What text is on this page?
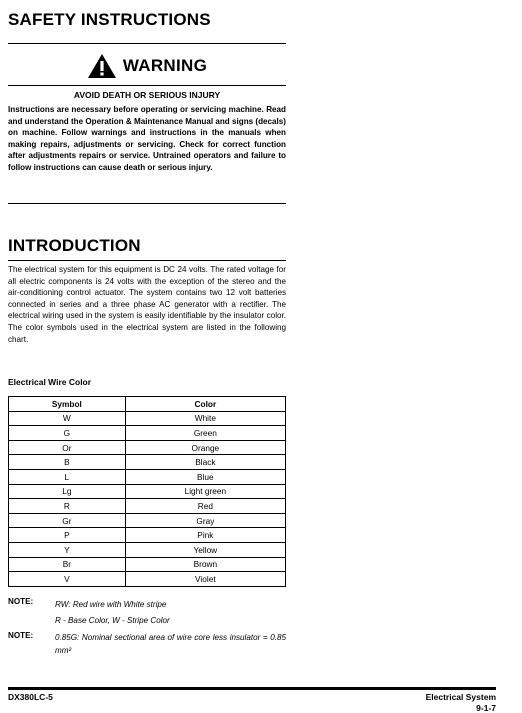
SAFETY INSTRUCTIONS
WARNING
AVOID DEATH OR SERIOUS INJURY
Instructions are necessary before operating or servicing machine. Read and understand the Operation & Maintenance Manual and signs (decals) on machine. Follow warnings and instructions in the manuals when making repairs, adjustments or servicing. Check for correct function after adjustments repairs or service. Untrained operators and failure to follow instructions can cause death or serious injury.
INTRODUCTION

The electrical system for this equipment is DC 24 volts. The rated voltage for all electric components is 24 volts with the exception of the stereo and the air-conditioning control actuator. The system contains two 12 volt batteries connected in series and a three phase AC generator with a rectifier. The electrical wiring used in the system is easily identifiable by the insulator color. The color symbols used in the electrical system are listed in the following chart.

Electrical Wire Color
Symbol	Color
W	White
G	Green
Or	Orange
B	Black
L	Blue
Lg	Light green
R	Red
Gr	Gray
P	Pink
Y	Yellow
Br	Brown
V	Violet
NOTE:	RW: Red wire with White stripe
R - Base Color, W - Stripe Color
NOTE:	0.85G: Nominal sectional area of wire core less insulator = 0.85 mm²
DX380LC-5	Electrical System
9-1-7
